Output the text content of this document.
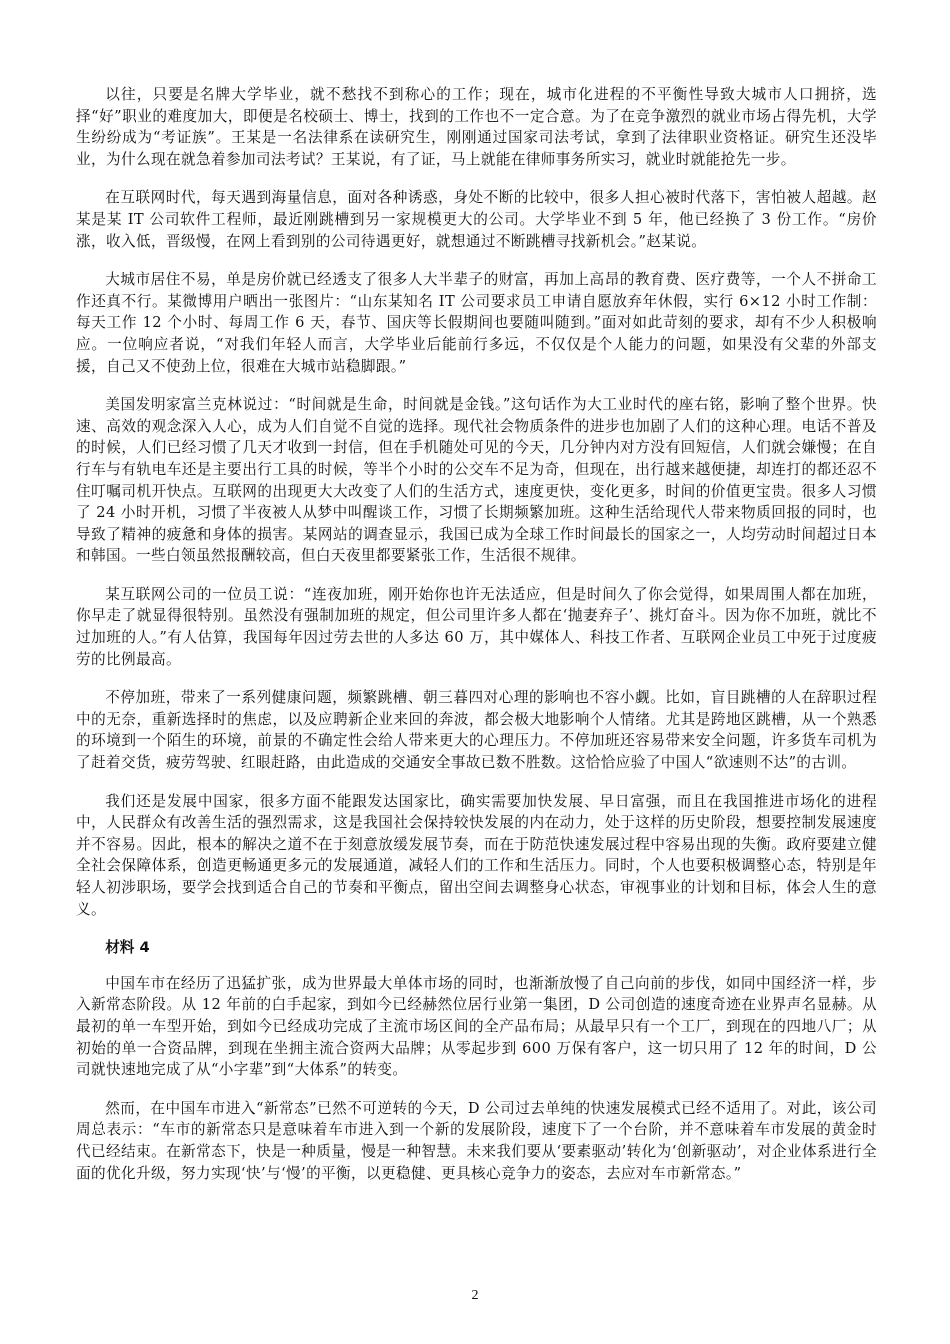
以往，只要是名牌大学毕业，就不愁找不到称心的工作；现在，城市化进程的不平衡性导致大城市人口拥挤，选择“好”职业的难度加大，即便是名校硕士、博士，找到的工作也不一定合意。为了在竞争激烈的就业市场占得先机，大学生纷纷成为“考证族”。王某是一名法律系在读研究生，刚刚通过国家司法考试，拿到了法律职业资格证。研究生还没毕业，为什么现在就急着参加司法考试？王某说，有了证，马上就能在律师事务所实习，就业时就能抢先一步。

在互联网时代，每天遇到海量信息，面对各种诱惑，身处不断的比较中，很多人担心被时代落下，害怕被人超越。赵某是某 IT 公司软件工程师，最近刚跳槽到另一家规模更大的公司。大学毕业不到 5 年，他已经换了 3 份工作。“房价涨，收入低，晋级慢，在网上看到别的公司待遇更好，就想通过不断跳槽寻找新机会。”赵某说。

大城市居住不易，单是房价就已经透支了很多人大半辈子的财富，再加上高昂的教育费、医疗费等，一个人不拼命工作还真不行。某微博用户晒出一张图片：“山东某知名 IT 公司要求员工申请自愿放弃年休假，实行 6×12 小时工作制：每天工作 12 个小时、每周工作 6 天，春节、国庆等长假期间也要随叫随到。”面对如此苛刻的要求，却有不少人积极响应。一位响应者说，“对我们年轻人而言，大学毕业后能前行多远，不仅仅是个人能力的问题，如果没有父辈的外部支援，自己又不使劲上位，很难在大城市站稳脚跟。”

美国发明家富兰克林说过：“时间就是生命，时间就是金钱。”这句话作为大工业时代的座右铭，影响了整个世界。快速、高效的观念深入人心，成为人们自觉不自觉的选择。现代社会物质条件的进步也加剧了人们的这种心理。电话不普及的时候，人们已经习惯了几天才收到一封信，但在手机随处可见的今天，几分钟内对方没有回短信，人们就会嫌慢；在自行车与有轨电车还是主要出行工具的时候，等半个小时的公交车不足为奇，但现在，出行越来越便捷，却连打的都还忍不住叮嘱司机开快点。互联网的出现更大大改变了人们的生活方式，速度更快，变化更多，时间的价值更宝贵。很多人习惯了 24 小时开机，习惯了半夜被人从梦中叫醒谈工作，习惯了长期频繁加班。这种生活给现代人带来物质回报的同时，也导致了精神的疲惫和身体的损害。某网站的调查显示，我国已成为全球工作时间最长的国家之一，人均劳动时间超过日本和韩国。一些白领虽然报酬较高，但白天夜里都要紧张工作，生活很不规律。

某互联网公司的一位员工说：“连夜加班，刚开始你也许无法适应，但是时间久了你会觉得，如果周围人都在加班，你早走了就显得很特别。虽然没有强制加班的规定，但公司里许多人都在‘抛妻弃子’、挑灯奋斗。因为你不加班，就比不过加班的人。”有人估算，我国每年因过劳去世的人多达 60 万，其中媒体人、科技工作者、互联网企业员工中死于过度疲劳的比例最高。

不停加班，带来了一系列健康问题，频繁跳槽、朝三暮四对心理的影响也不容小觑。比如，盲目跳槽的人在辞职过程中的无奈，重新选择时的焦虑，以及应聘新企业来回的奔波，都会极大地影响个人情绪。尤其是跨地区跳槽，从一个熟悉的环境到一个陌生的环境，前景的不确定性会给人带来更大的心理压力。不停加班还容易带来安全问题，许多货车司机为了赶着交货，疲劳驾驶、红眼赶路，由此造成的交通安全事故已数不胜数。这恰恰应验了中国人“欲速则不达”的古训。

我们还是发展中国家，很多方面不能跟发达国家比，确实需要加快发展、早日富强，而且在我国推进市场化的进程中，人民群众有改善生活的强烈需求，这是我国社会保持较快发展的内在动力，处于这样的历史阶段，想要控制发展速度并不容易。因此，根本的解决之道不在于刻意放缓发展节奏，而在于防范快速发展过程中容易出现的失衡。政府要建立健全社会保障体系，创造更畅通更多元的发展通道，减轻人们的工作和生活压力。同时，个人也要积极调整心态，特别是年轻人初涉职场，要学会找到适合自己的节奏和平衡点，留出空间去调整身心状态，审视事业的计划和目标，体会人生的意义。

材料 4

中国车市在经历了迅猛扩张，成为世界最大单体市场的同时，也渐渐放慢了自己向前的步伐，如同中国经济一样，步入新常态阶段。从 12 年前的白手起家，到如今已经赫然位居行业第一集团，D 公司创造的速度奇迹在业界声名显赫。从最初的单一车型开始，到如今已经成功完成了主流市场区间的全产品布局；从最早只有一个工厂，到现在的四地八厂；从初始的单一合资品牌，到现在坐拥主流合资两大品牌；从零起步到 600 万保有客户，这一切只用了 12 年的时间，D 公司就快速地完成了从“小字辈”到“大体系”的转变。

然而，在中国车市进入“新常态”已然不可逆转的今天，D 公司过去单纯的快速发展模式已经不适用了。对此，该公司周总表示：“车市的新常态只是意味着车市进入到一个新的发展阶段，速度下了一个台阶，并不意味着车市发展的黄金时代已经结束。在新常态下，快是一种质量，慢是一种智慧。未来我们要从‘要素驱动’转化为‘创新驱动’，对企业体系进行全面的优化升级，努力实现‘快’与‘慢’的平衡，以更稳健、更具核心竞争力的姿态，去应对车市新常态。”

2
